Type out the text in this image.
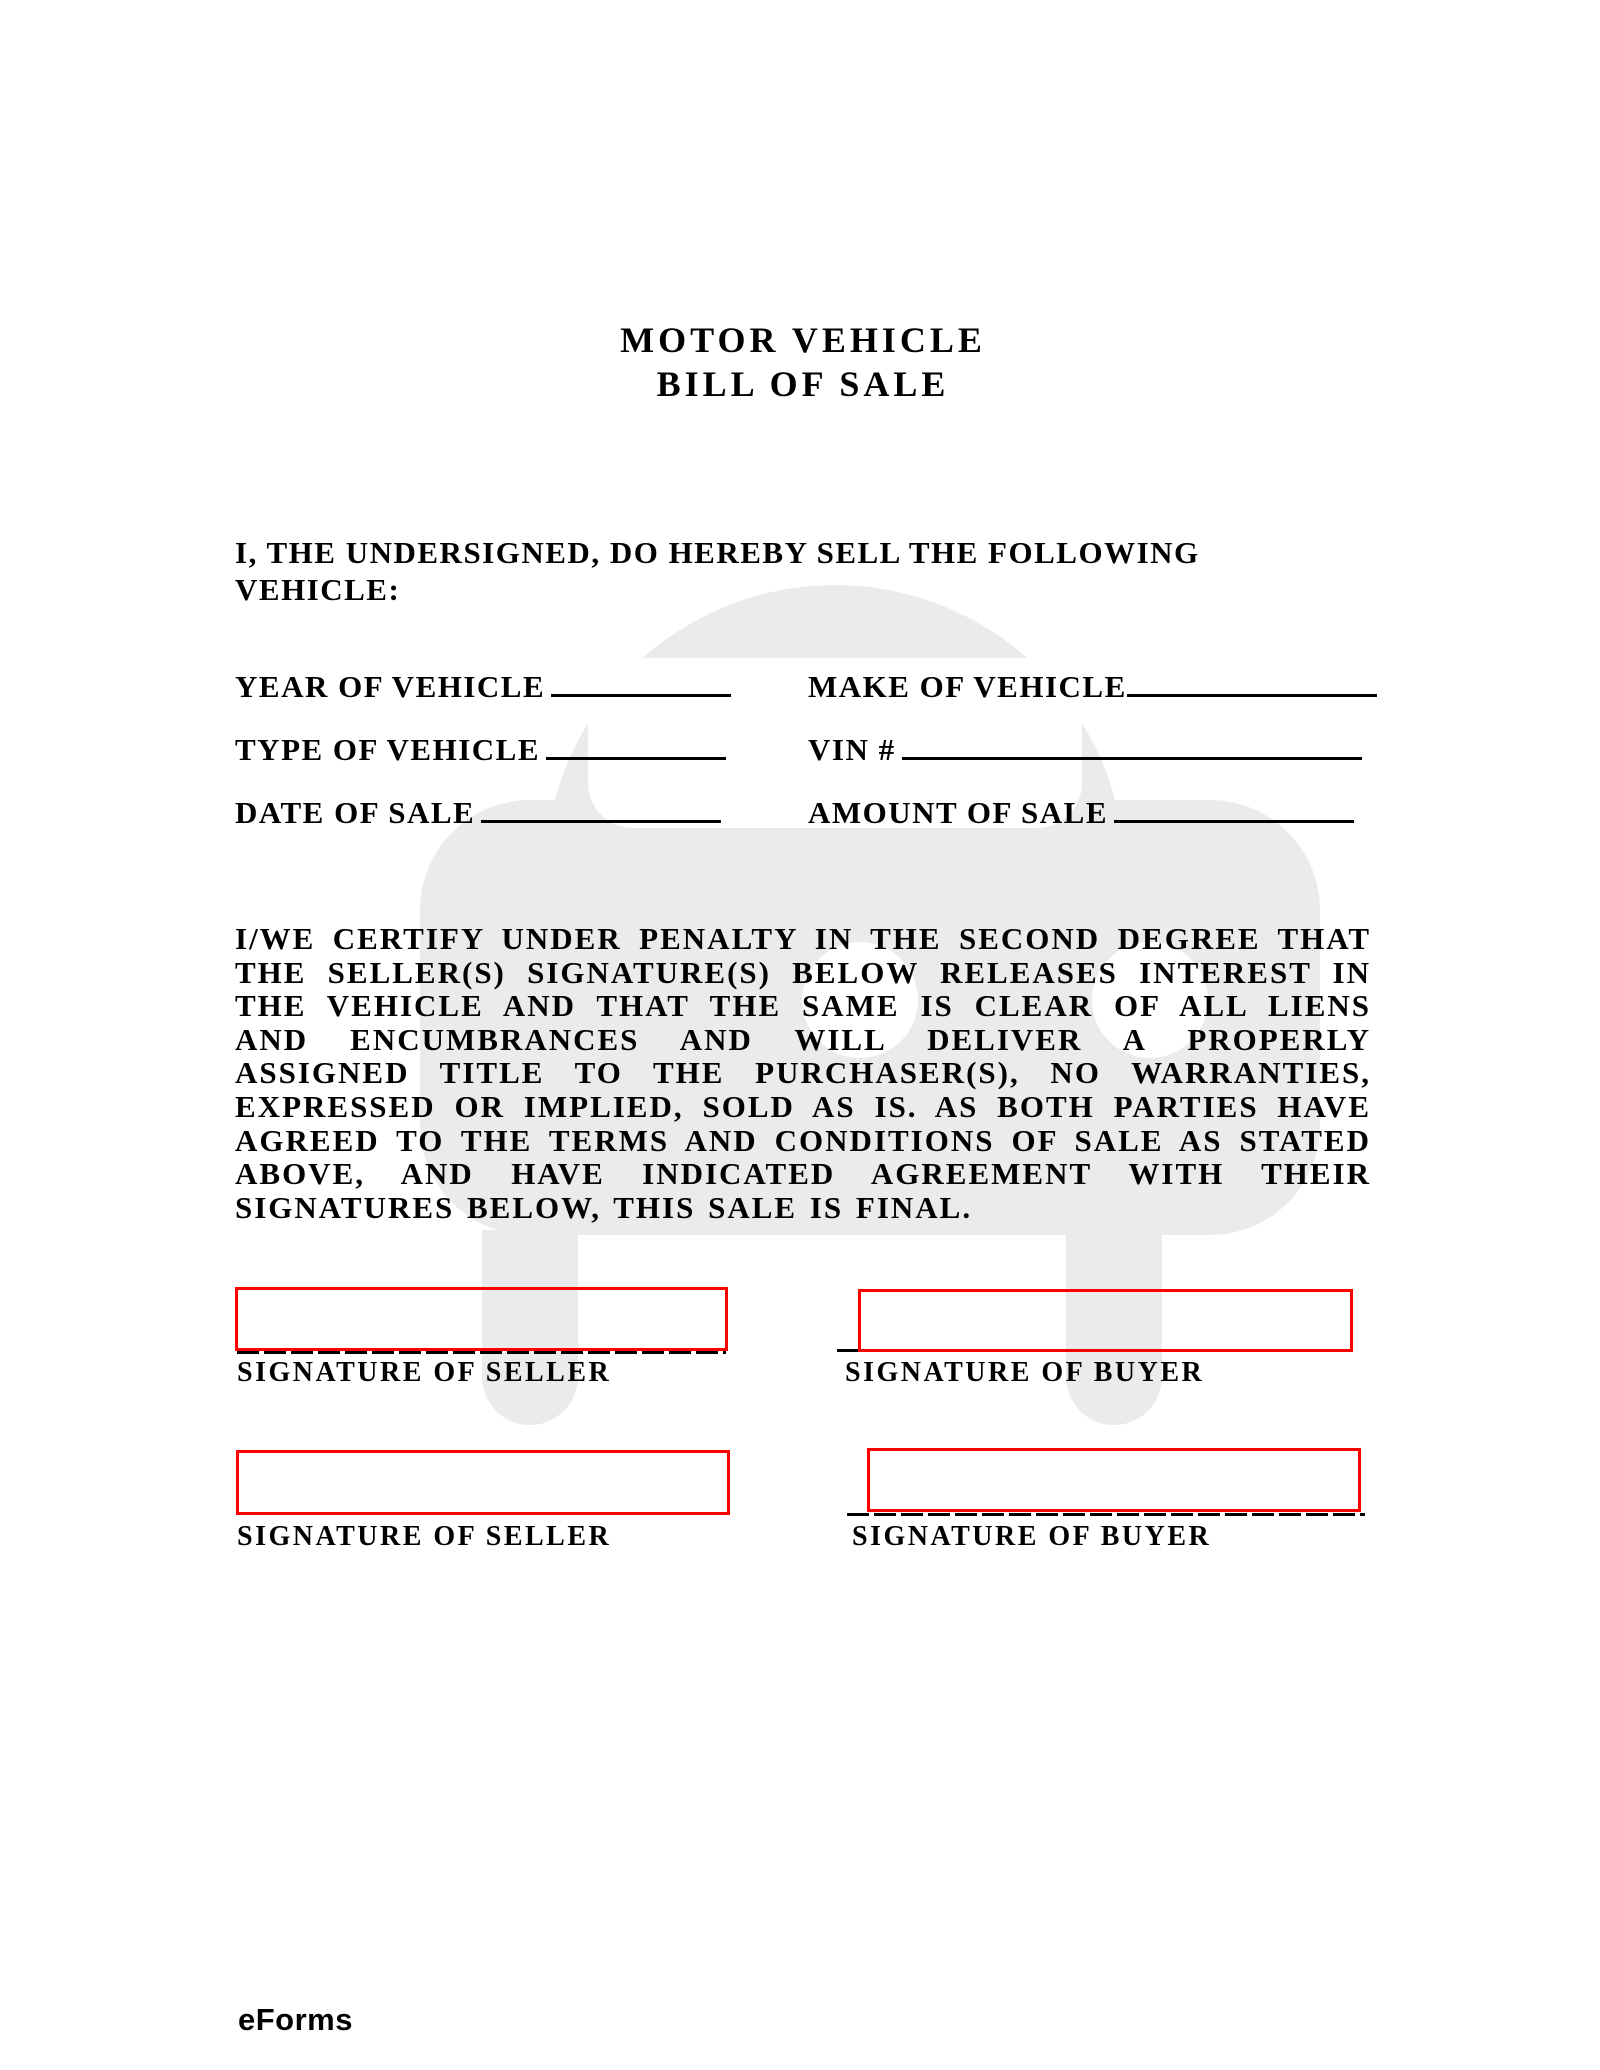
MOTOR VEHICLE
BILL OF SALE
I, THE UNDERSIGNED, DO HEREBY SELL THE FOLLOWING
VEHICLE:
YEAR OF VEHICLE	MAKE OF VEHICLE
TYPE OF VEHICLE	VIN #
DATE OF SALE	AMOUNT OF SALE
I/WE CERTIFY UNDER PENALTY IN THE SECOND DEGREE THAT THE SELLER(S) SIGNATURE(S) BELOW RELEASES INTEREST IN THE VEHICLE AND THAT THE SAME IS CLEAR OF ALL LIENS AND ENCUMBRANCES AND WILL DELIVER A PROPERLY ASSIGNED TITLE TO THE PURCHASER(S), NO WARRANTIES, EXPRESSED OR IMPLIED, SOLD AS IS. AS BOTH PARTIES HAVE AGREED TO THE TERMS AND CONDITIONS OF SALE AS STATED ABOVE, AND HAVE INDICATED AGREEMENT WITH THEIR SIGNATURES BELOW, THIS SALE IS FINAL.
SIGNATURE OF SELLER	SIGNATURE OF BUYER
SIGNATURE OF SELLER	SIGNATURE OF BUYER
eForms
